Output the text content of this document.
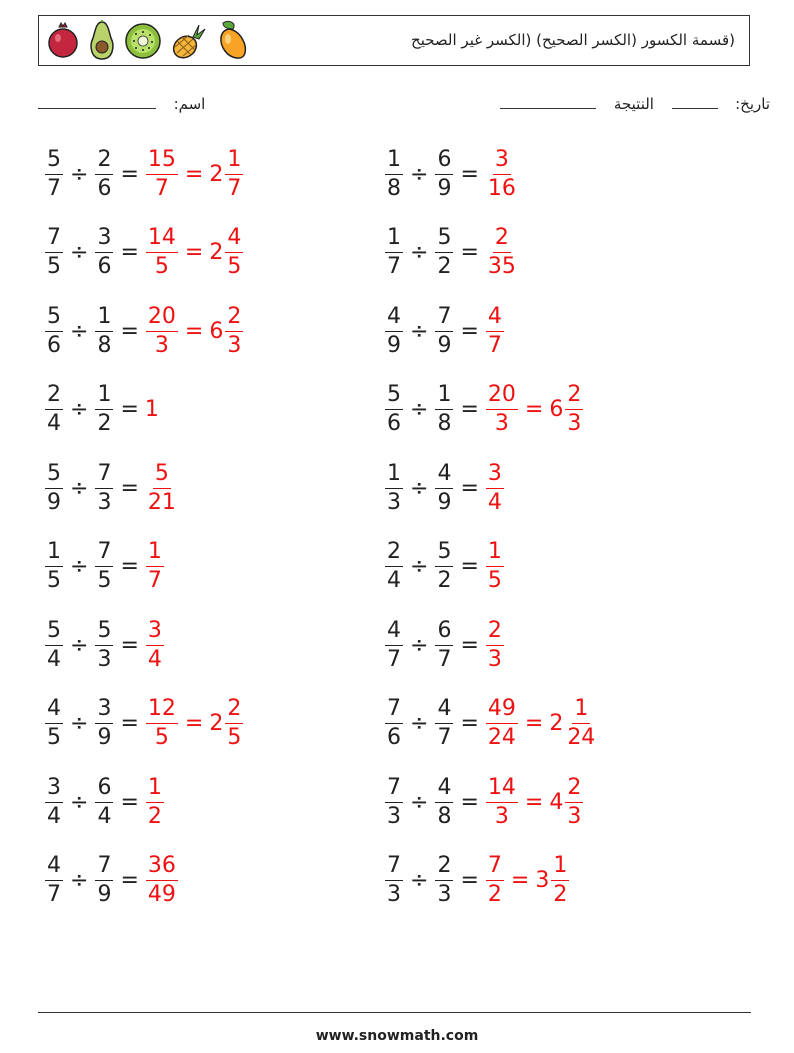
(قسمة الكسور (الكسر الصحيح) (الكسر غير الصحيح
اسم:	تاريخ:    النتيجة
$\frac{5}{7} \div \frac{2}{6} = \frac{15}{7} = 2 \frac{1}{7}$	$\frac{1}{8} \div \frac{6}{9} = \frac{3}{16}$
$\frac{7}{5} \div \frac{3}{6} = \frac{14}{5} = 2 \frac{4}{5}$	$\frac{1}{7} \div \frac{5}{2} = \frac{2}{35}$
$\frac{5}{6} \div \frac{1}{8} = \frac{20}{3} = 6 \frac{2}{3}$	$\frac{4}{9} \div \frac{7}{9} = \frac{4}{7}$
$\frac{2}{4} \div \frac{1}{2} = 1$	$\frac{5}{6} \div \frac{1}{8} = \frac{20}{3} = 6 \frac{2}{3}$
$\frac{5}{9} \div \frac{7}{3} = \frac{5}{21}$	$\frac{1}{3} \div \frac{4}{9} = \frac{3}{4}$
$\frac{1}{5} \div \frac{7}{5} = \frac{1}{7}$	$\frac{2}{4} \div \frac{5}{2} = \frac{1}{5}$
$\frac{5}{4} \div \frac{5}{3} = \frac{3}{4}$	$\frac{4}{7} \div \frac{6}{7} = \frac{2}{3}$
$\frac{4}{5} \div \frac{3}{9} = \frac{12}{5} = 2 \frac{2}{5}$	$\frac{7}{6} \div \frac{4}{7} = \frac{49}{24} = 2 \frac{1}{24}$
$\frac{3}{4} \div \frac{6}{4} = \frac{1}{2}$	$\frac{7}{3} \div \frac{4}{8} = \frac{14}{3} = 4 \frac{2}{3}$
$\frac{4}{7} \div \frac{7}{9} = \frac{36}{49}$	$\frac{7}{3} \div \frac{2}{3} = \frac{7}{2} = 3 \frac{1}{2}$
www.snowmath.com
